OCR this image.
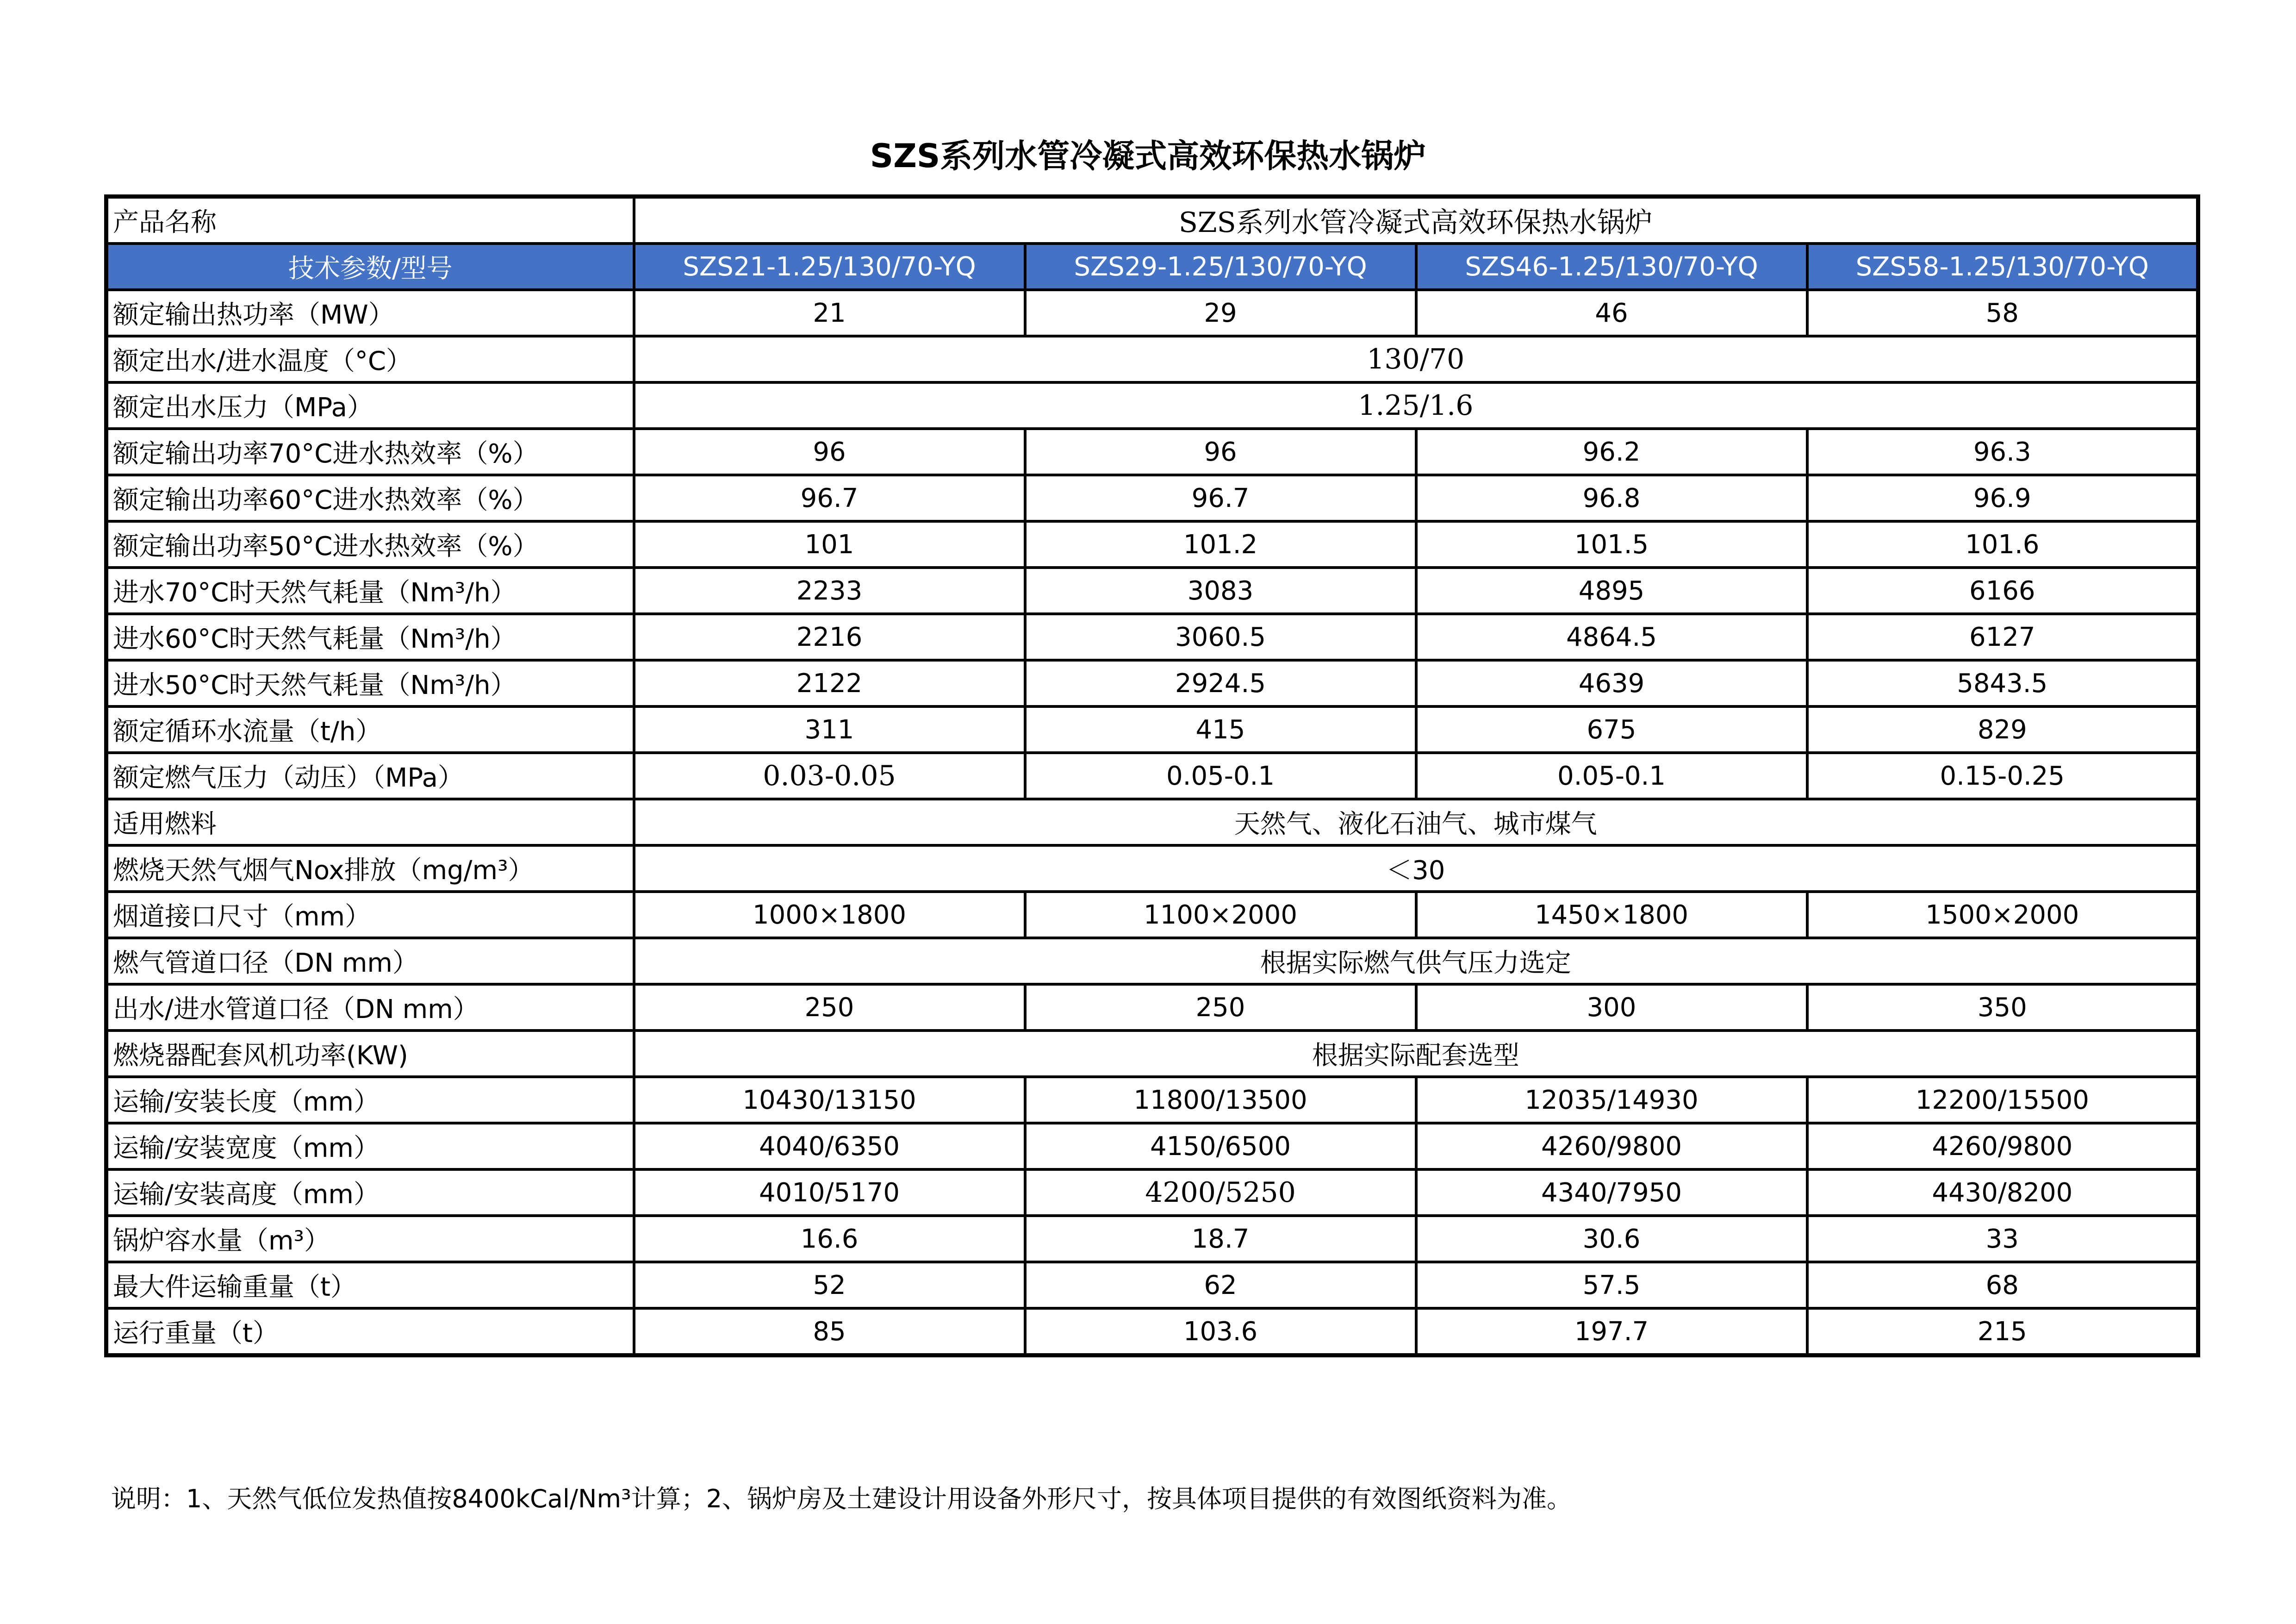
SZS系列水管冷凝式高效环保热水锅炉
产品名称	SZS系列水管冷凝式高效环保热水锅炉			
技术参数/型号	SZS21-1.25/130/70-YQ	SZS29-1.25/130/70-YQ	SZS46-1.25/130/70-YQ	SZS58-1.25/130/70-YQ
额定输出热功率（MW）	21	29	46	58
额定出水/进水温度（°C）	130/70			
额定出水压力（MPa）	1.25/1.6			
额定输出功率70°C进水热效率（%）	96	96	96.2	96.3
额定输出功率60°C进水热效率（%）	96.7	96.7	96.8	96.9
额定输出功率50°C进水热效率（%）	101	101.2	101.5	101.6
进水70°C时天然气耗量（Nm³/h）	2233	3083	4895	6166
进水60°C时天然气耗量（Nm³/h）	2216	3060.5	4864.5	6127
进水50°C时天然气耗量（Nm³/h）	2122	2924.5	4639	5843.5
额定循环水流量（t/h）	311	415	675	829
额定燃气压力（动压）（MPa）	0.03-0.05	0.05-0.1	0.05-0.1	0.15-0.25
适用燃料	天然气、液化石油气、城市煤气			
燃烧天然气烟气Nox排放（mg/m³）	＜30			
烟道接口尺寸（mm）	1000×1800	1100×2000	1450×1800	1500×2000
燃气管道口径（DN mm）	根据实际燃气供气压力选定			
出水/进水管道口径（DN mm）	250	250	300	350
燃烧器配套风机功率(KW)	根据实际配套选型			
运输/安装长度（mm）	10430/13150	11800/13500	12035/14930	12200/15500
运输/安装宽度（mm）	4040/6350	4150/6500	4260/9800	4260/9800
运输/安装高度（mm）	4010/5170	4200/5250	4340/7950	4430/8200
锅炉容水量（m³）	16.6	18.7	30.6	33
最大件运输重量（t）	52	62	57.5	68
运行重量（t）	85	103.6	197.7	215
说明：1、天然气低位发热值按8400kCal/Nm³计算；2、锅炉房及土建设计用设备外形尺寸，按具体项目提供的有效图纸资料为准。
